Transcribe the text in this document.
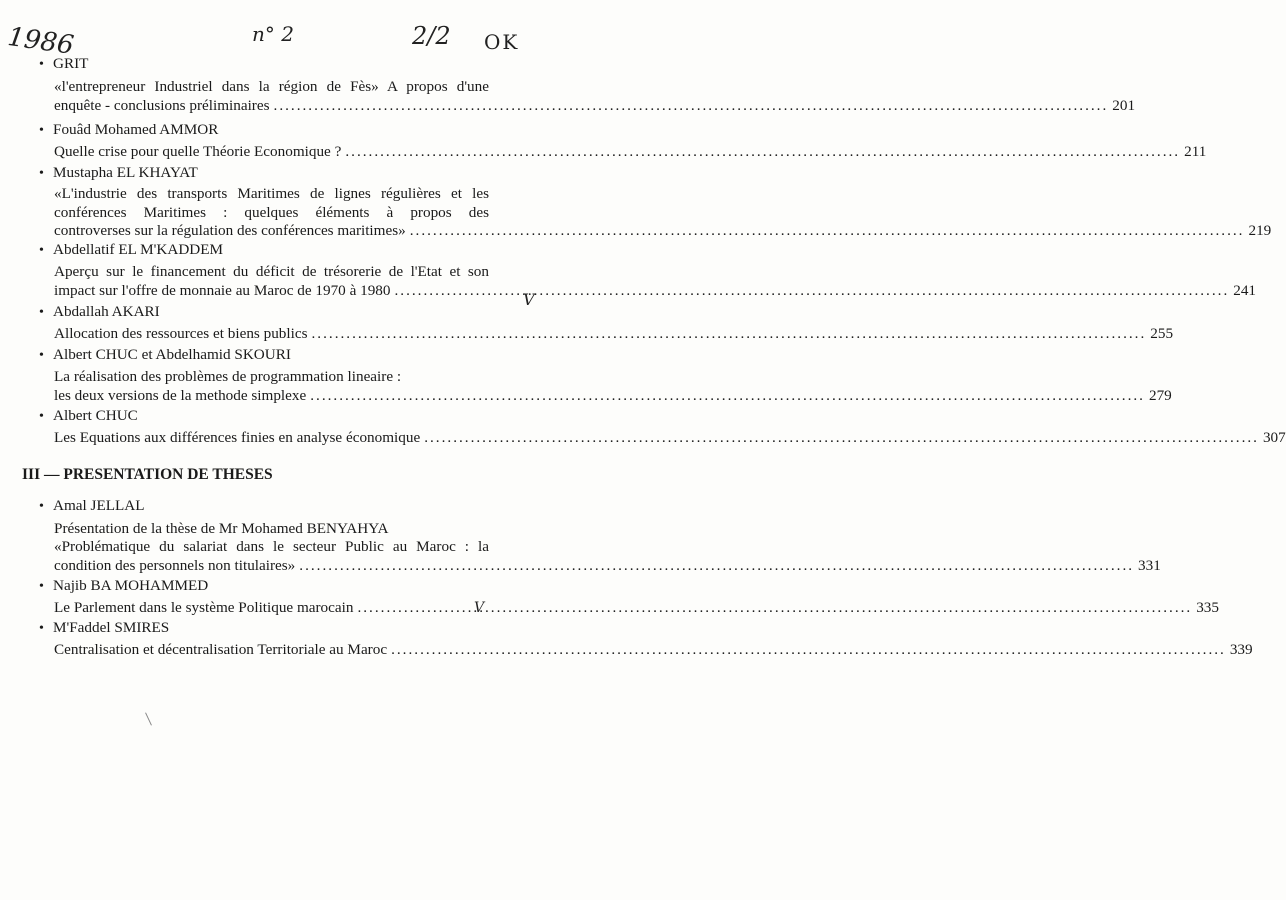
1986	n° 2	2/2 OK
V
V
• GRIT
«l'entrepreneur Industriel dans la région de Fès» A propos d'une
enquête - conclusions préliminaires .....	201
• Fouâd Mohamed AMMOR
Quelle crise pour quelle Théorie Economique ? .....	211
• Mustapha EL KHAYAT
«L'industrie des transports Maritimes de lignes régulières et les
conférences Maritimes : quelques éléments à propos des
controverses sur la régulation des conférences maritimes» .....	219
• Abdellatif EL M'KADDEM
Aperçu sur le financement du déficit de trésorerie de l'Etat et son
impact sur l'offre de monnaie au Maroc de 1970 à 1980 .....	241
• Abdallah AKARI
Allocation des ressources et biens publics .....	255
• Albert CHUC et Abdelhamid SKOURI
La réalisation des problèmes de programmation lineaire :
les deux versions de la methode simplexe .....	279
• Albert CHUC
Les Equations aux différences finies en analyse économique .....	307
III — PRESENTATION DE THESES
• Amal JELLAL
Présentation de la thèse de Mr Mohamed BENYAHYA
«Problématique du salariat dans le secteur Public au Maroc : la
condition des personnels non titulaires» .....	331
• Najib BA MOHAMMED
Le Parlement dans le système Politique marocain .....	335
• M'Faddel SMIRES
Centralisation et décentralisation Territoriale au Maroc .....	339
